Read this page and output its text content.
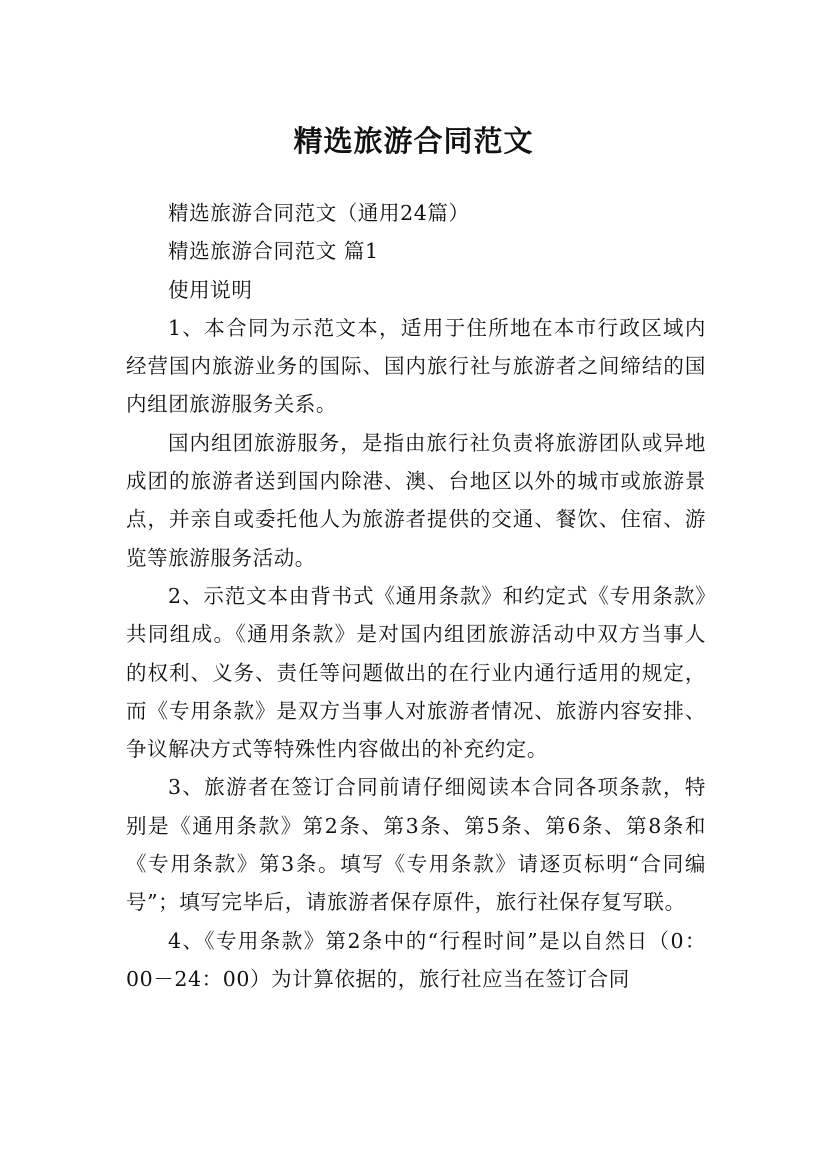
精选旅游合同范文

精选旅游合同范文（通用24篇）

精选旅游合同范文 篇1

使用说明

1、本合同为示范文本，适用于住所地在本市行政区域内经营国内旅游业务的国际、国内旅行社与旅游者之间缔结的国内组团旅游服务关系。

国内组团旅游服务，是指由旅行社负责将旅游团队或异地成团的旅游者送到国内除港、澳、台地区以外的城市或旅游景点，并亲自或委托他人为旅游者提供的交通、餐饮、住宿、游览等旅游服务活动。

2、示范文本由背书式《通用条款》和约定式《专用条款》共同组成。《通用条款》是对国内组团旅游活动中双方当事人的权利、义务、责任等问题做出的在行业内通行适用的规定，而《专用条款》是双方当事人对旅游者情况、旅游内容安排、争议解决方式等特殊性内容做出的补充约定。

3、旅游者在签订合同前请仔细阅读本合同各项条款，特别是《通用条款》第2条、第3条、第5条、第6条、第8条和《专用条款》第3条。填写《专用条款》请逐页标明“合同编号”；填写完毕后，请旅游者保存原件，旅行社保存复写联。

4、《专用条款》第2条中的“行程时间”是以自然日（0：00－24：00）为计算依据的，旅行社应当在签订合同
